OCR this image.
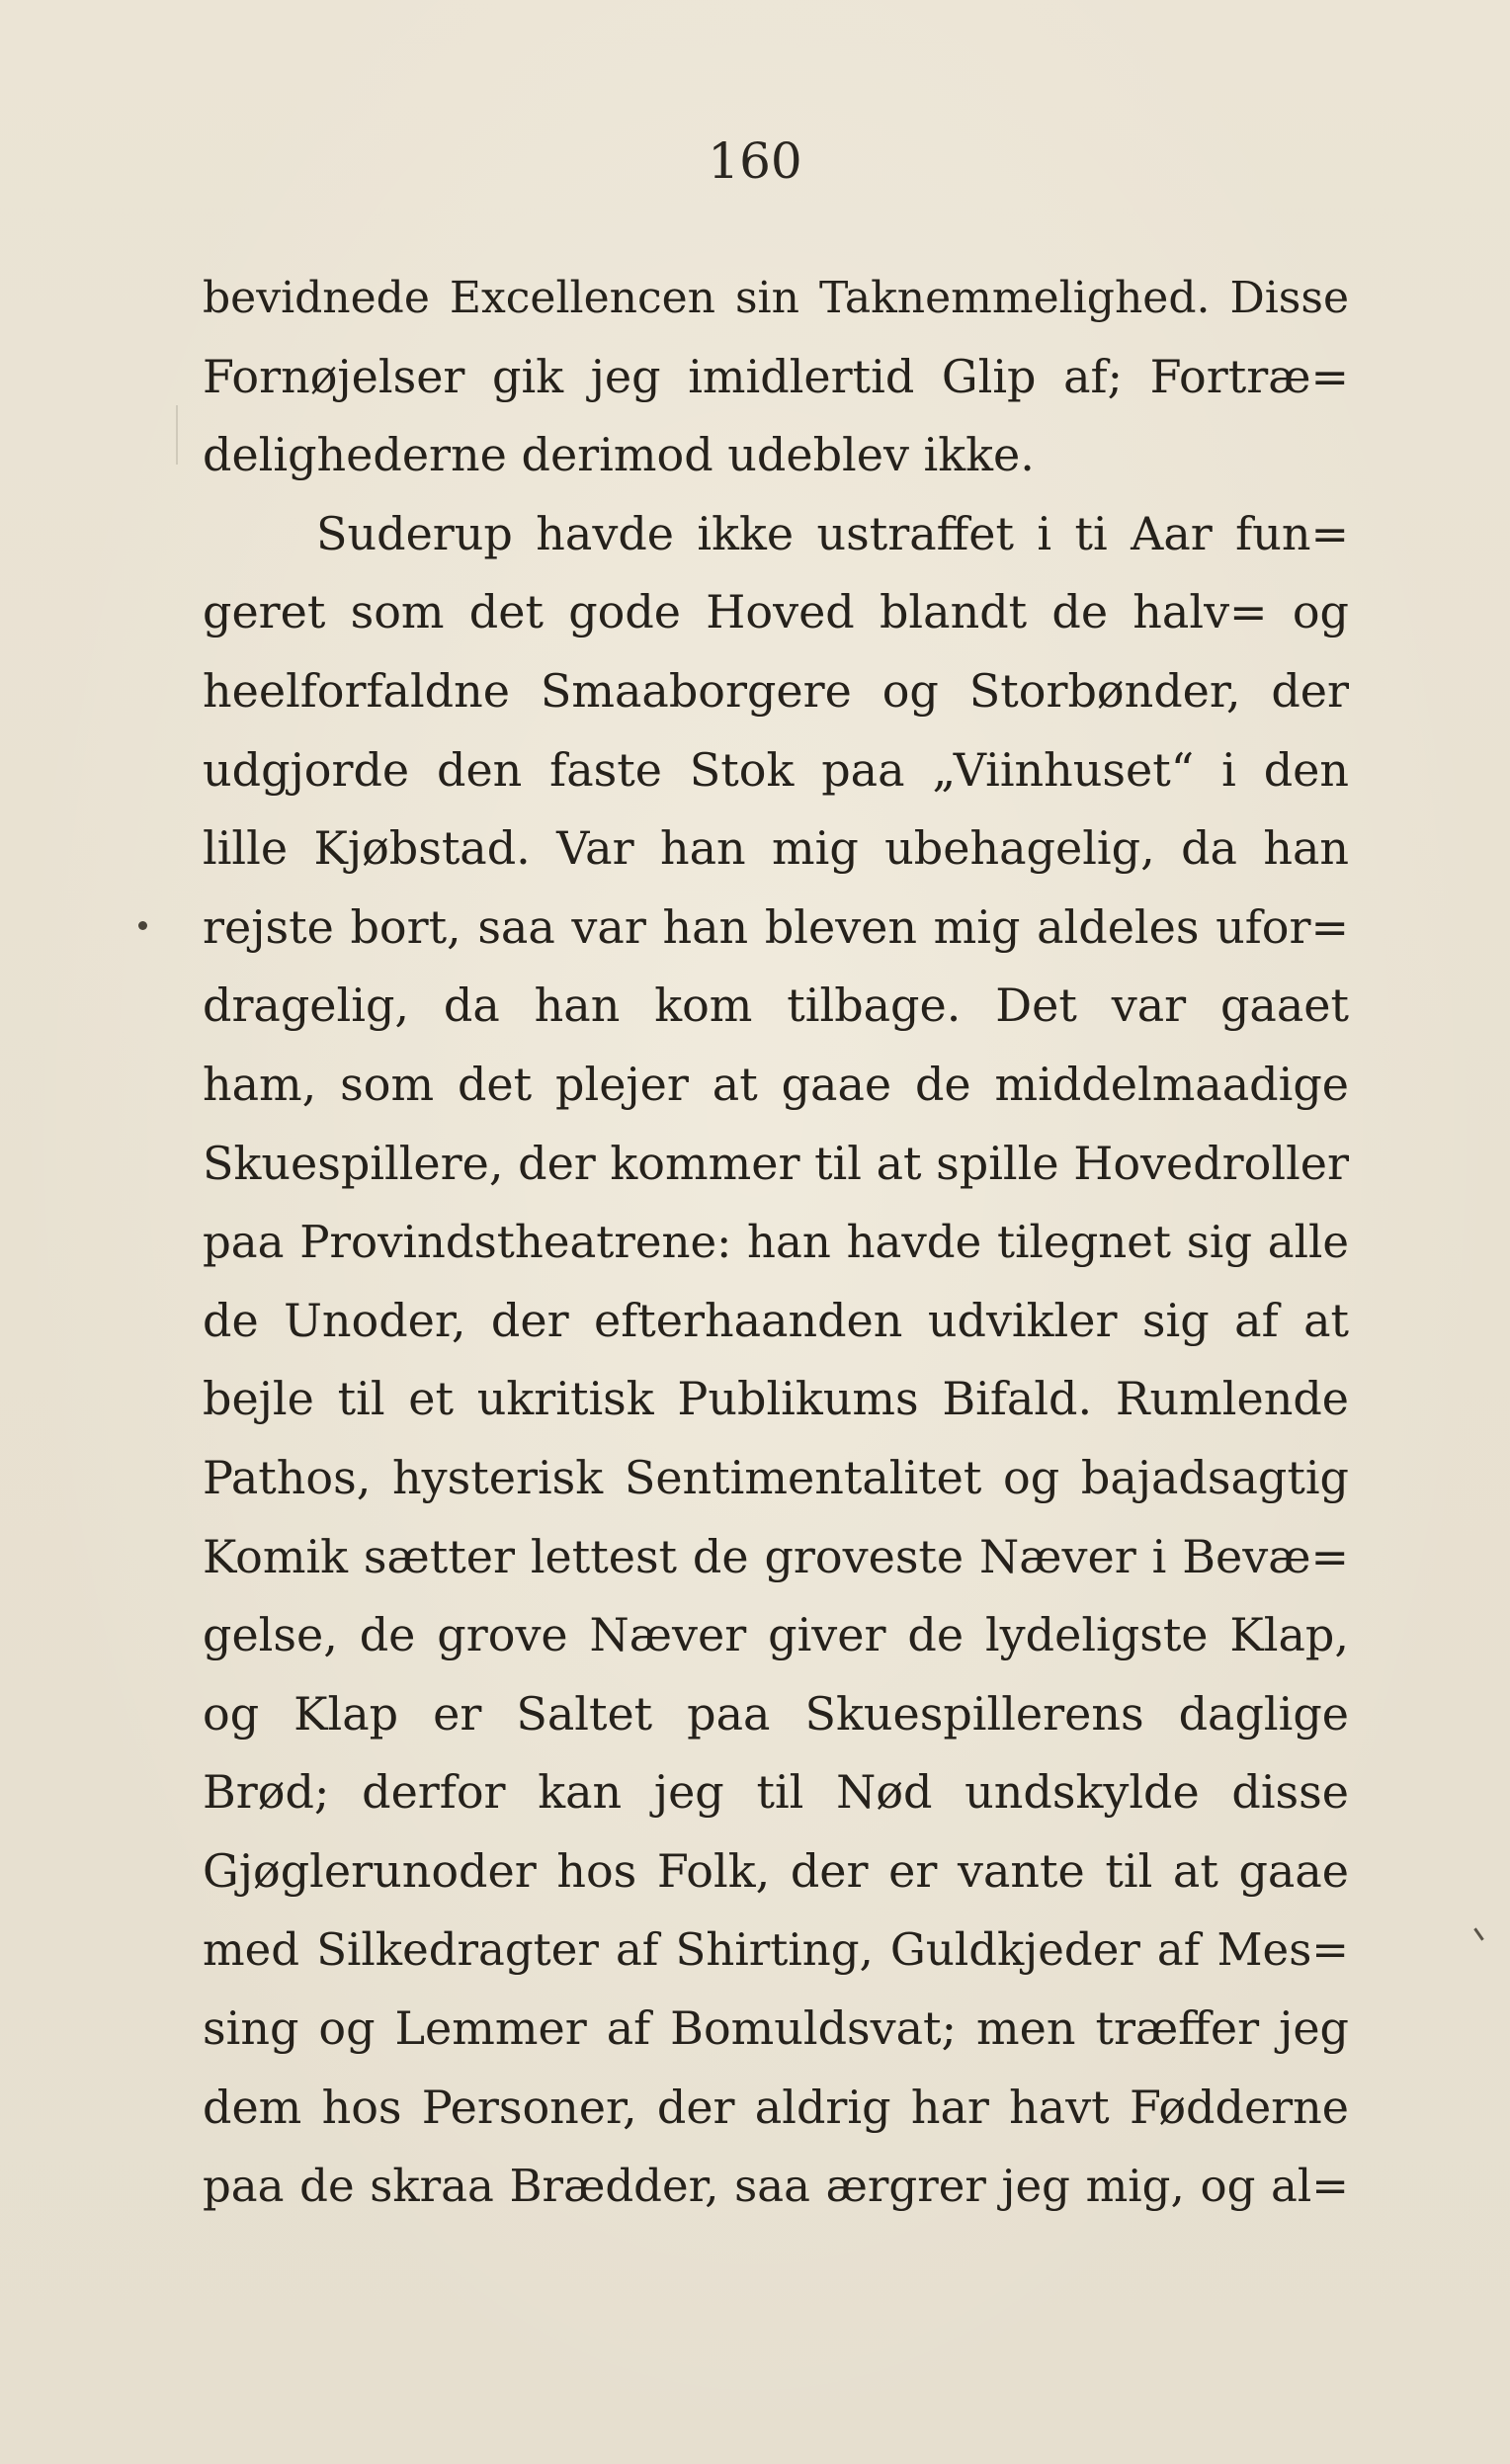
160
bevidnede Excellencen sin Taknemmelighed. Disse
Fornøjelser gik jeg imidlertid Glip af; Fortræ=
delighederne derimod udeblev ikke.
Suderup havde ikke ustraffet i ti Aar fun=
geret som det gode Hoved blandt de halv= og
heelforfaldne Smaaborgere og Storbønder, der
udgjorde den faste Stok paa „Viinhuset“ i den
lille Kjøbstad. Var han mig ubehagelig, da han
rejste bort, saa var han bleven mig aldeles ufor=
dragelig, da han kom tilbage. Det var gaaet
ham, som det plejer at gaae de middelmaadige
Skuespillere, der kommer til at spille Hovedroller
paa Provindstheatrene: han havde tilegnet sig alle
de Unoder, der efterhaanden udvikler sig af at
bejle til et ukritisk Publikums Bifald. Rumlende
Pathos, hysterisk Sentimentalitet og bajadsagtig
Komik sætter lettest de groveste Næver i Bevæ=
gelse, de grove Næver giver de lydeligste Klap,
og Klap er Saltet paa Skuespillerens daglige
Brød; derfor kan jeg til Nød undskylde disse
Gjøglerunoder hos Folk, der er vante til at gaae
med Silkedragter af Shirting, Guldkjeder af Mes=
sing og Lemmer af Bomuldsvat; men træffer jeg
dem hos Personer, der aldrig har havt Fødderne
paa de skraa Brædder, saa ærgrer jeg mig, og al=
